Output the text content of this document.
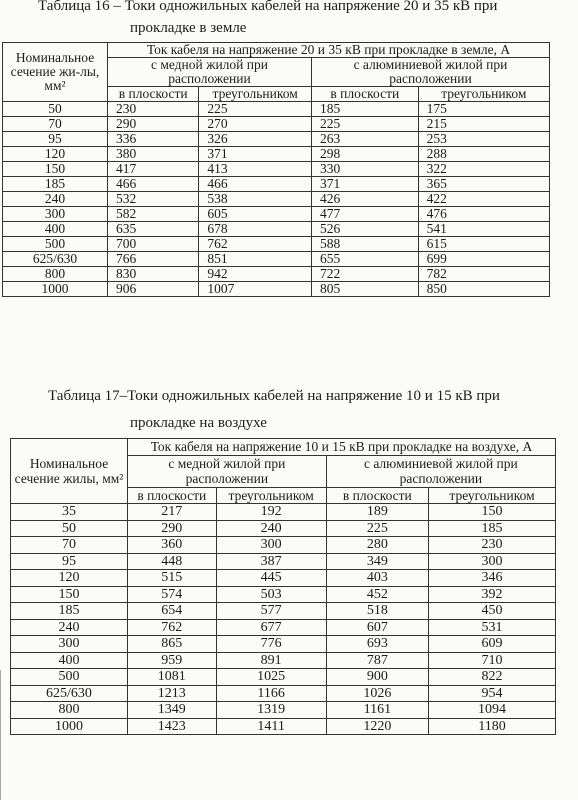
Таблица 16 – Токи одножильных кабелей на напряжение 20 и 35 кВ при
прокладке в земле
Номинальное сечение жи-лы, мм²	Ток кабеля на напряжение 20 и 35 кВ при прокладке в земле, А			
	с медной жилой при расположении		с алюминиевой жилой при расположении	
	в плоскости	треугольником	в плоскости	треугольником
50	230	225	185	175
70	290	270	225	215
95	336	326	263	253
120	380	371	298	288
150	417	413	330	322
185	466	466	371	365
240	532	538	426	422
300	582	605	477	476
400	635	678	526	541
500	700	762	588	615
625/630	766	851	655	699
800	830	942	722	782
1000	906	1007	805	850
Таблица 17–Токи одножильных кабелей на напряжение 10 и 15 кВ при
прокладке на воздухе
Номинальное сечение жилы, мм²	Ток кабеля на напряжение 10 и 15 кВ при прокладке на воздухе, А			
	с медной жилой при расположении		с алюминиевой жилой при расположении	
	в плоскости	треугольником	в плоскости	треугольником
35	217	192	189	150
50	290	240	225	185
70	360	300	280	230
95	448	387	349	300
120	515	445	403	346
150	574	503	452	392
185	654	577	518	450
240	762	677	607	531
300	865	776	693	609
400	959	891	787	710
500	1081	1025	900	822
625/630	1213	1166	1026	954
800	1349	1319	1161	1094
1000	1423	1411	1220	1180
